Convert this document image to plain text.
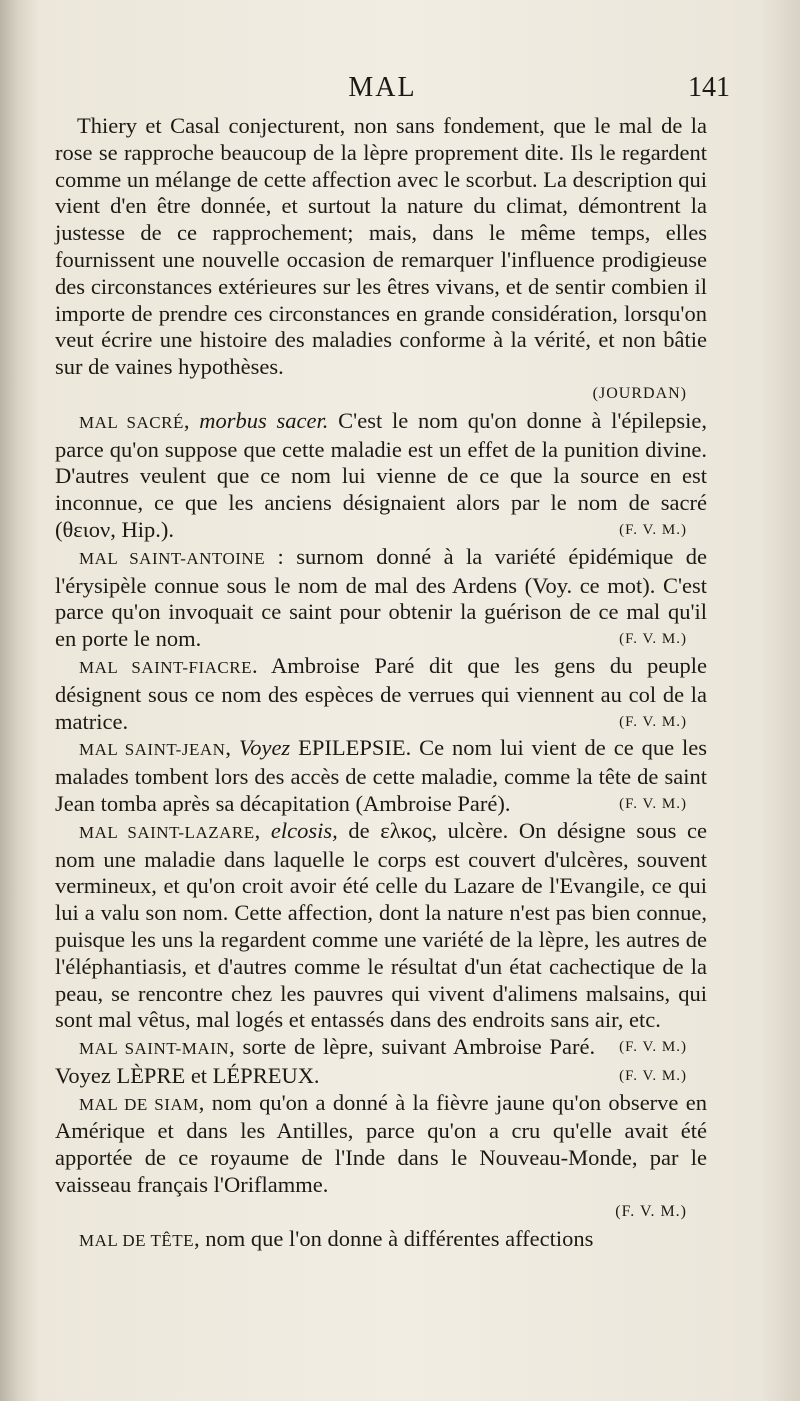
MAL	141

Thiery et Casal conjecturent, non sans fondement, que le mal de la rose se rapproche beaucoup de la lèpre proprement dite. Ils le regardent comme un mélange de cette affection avec le scorbut. La description qui vient d'en être donnée, et surtout la nature du climat, démontrent la justesse de ce rapprochement; mais, dans le même temps, elles fournissent une nouvelle occasion de remarquer l'influence prodigieuse des circonstances extérieures sur les êtres vivans, et de sentir combien il importe de prendre ces circonstances en grande considération, lorsqu'on veut écrire une histoire des maladies conforme à la vérité, et non bâtie sur de vaines hypothèses.
(JOURDAN)

MAL SACRÉ, morbus sacer. C'est le nom qu'on donne à l'épilepsie, parce qu'on suppose que cette maladie est un effet de la punition divine. D'autres veulent que ce nom lui vienne de ce que la source en est inconnue, ce que les anciens désignaient alors par le nom de sacré (θειον, Hip.).	(F. V. M.)

MAL SAINT-ANTOINE : surnom donné à la variété épidémique de l'érysipèle connue sous le nom de mal des Ardens (Voy. ce mot). C'est parce qu'on invoquait ce saint pour obtenir la guérison de ce mal qu'il en porte le nom.	(F. V. M.)

MAL SAINT-FIACRE. Ambroise Paré dit que les gens du peuple désignent sous ce nom des espèces de verrues qui viennent au col de la matrice.	(F. V. M.)

MAL SAINT-JEAN, Voyez EPILEPSIE. Ce nom lui vient de ce que les malades tombent lors des accès de cette maladie, comme la tête de saint Jean tomba après sa décapitation (Ambroise Paré).	(F. V. M.)

MAL SAINT-LAZARE, elcosis, de ελκος, ulcère. On désigne sous ce nom une maladie dans laquelle le corps est couvert d'ulcères, souvent vermineux, et qu'on croit avoir été celle du Lazare de l'Evangile, ce qui lui a valu son nom. Cette affection, dont la nature n'est pas bien connue, puisque les uns la regardent comme une variété de la lèpre, les autres de l'éléphantiasis, et d'autres comme le résultat d'un état cachectique de la peau, se rencontre chez les pauvres qui vivent d'alimens malsains, qui sont mal vêtus, mal logés et entassés dans des endroits sans air, etc.
(F. V. M.)

MAL SAINT-MAIN, sorte de lèpre, suivant Ambroise Paré. Voyez LÈPRE et LÉPREUX.	(F. V. M.)

MAL DE SIAM, nom qu'on a donné à la fièvre jaune qu'on observe en Amérique et dans les Antilles, parce qu'on a cru qu'elle avait été apportée de ce royaume de l'Inde dans le Nouveau-Monde, par le vaisseau français l'Oriflamme.
(F. V. M.)

MAL DE TÊTE, nom que l'on donne à différentes affections
